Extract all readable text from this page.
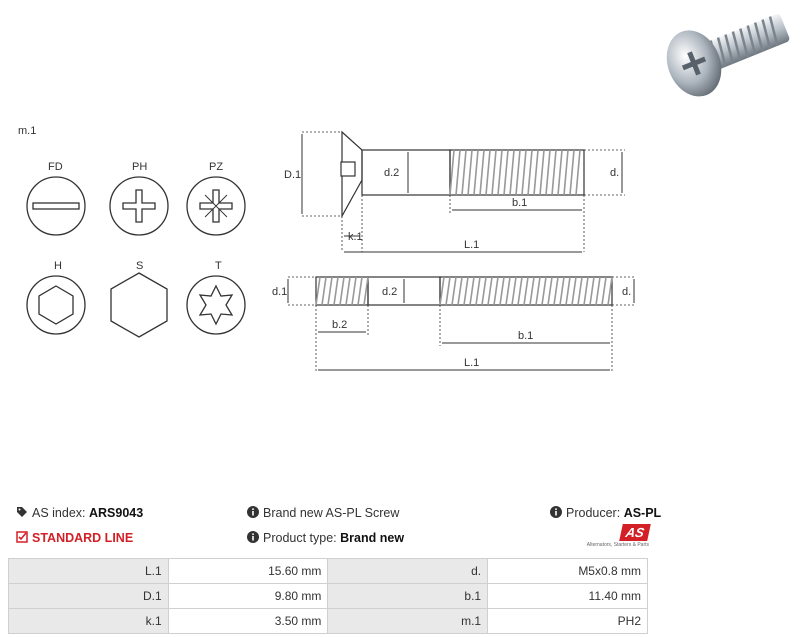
m.1
FD	PH	PZ
H	S	T
D.1	d.2	d.
b.1
k.1
L.1
d.1	d.2	d.
b.2
b.1
L.1
AS index: ARS9043
STANDARD LINE
Brand new AS-PL Screw
Product type: Brand new
Producer: AS-PL
AS
Alternators, Starters & Parts
L.1	15.60 mm	d.	M5x0.8 mm
D.1	9.80 mm	b.1	11.40 mm
k.1	3.50 mm	m.1	PH2
